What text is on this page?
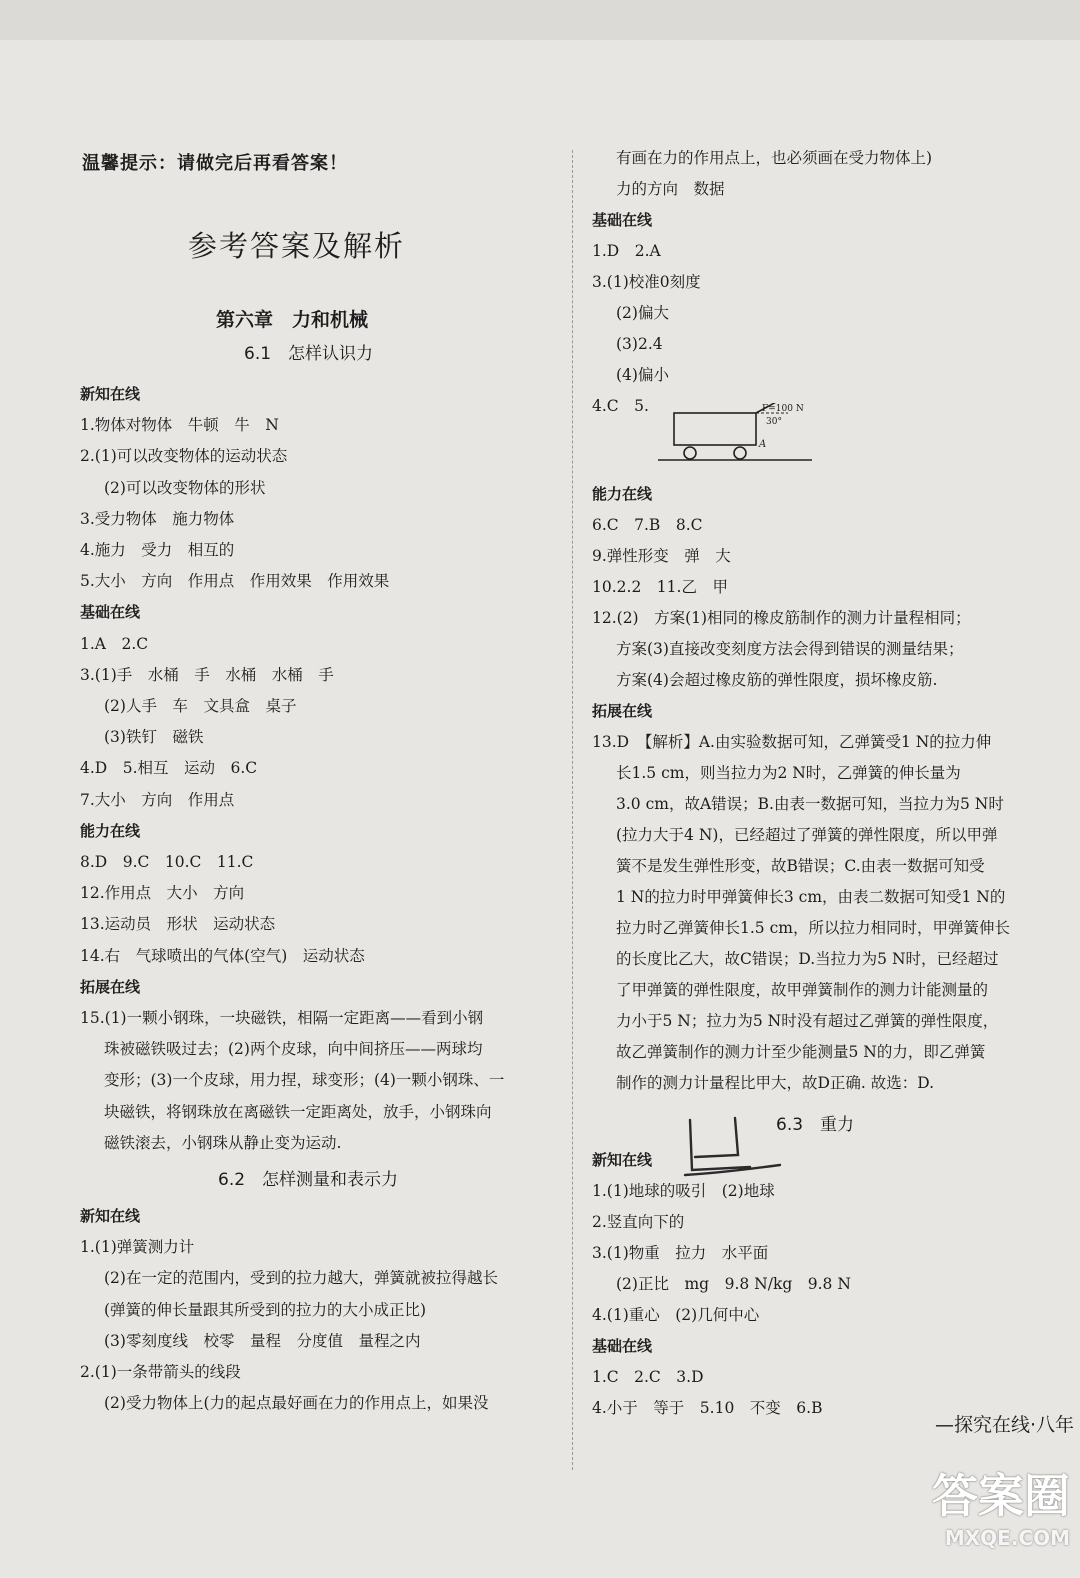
温馨提示：请做完后再看答案！
参考答案及解析
第六章　力和机械
6.1　怎样认识力
新知在线
1.物体对物体　牛顿　牛　N
2.(1)可以改变物体的运动状态
(2)可以改变物体的形状
3.受力物体　施力物体
4.施力　受力　相互的
5.大小　方向　作用点　作用效果　作用效果
基础在线
1.A　2.C
3.(1)手　水桶　手　水桶　水桶　手
(2)人手　车　文具盒　桌子
(3)铁钉　磁铁
4.D　5.相互　运动　6.C
7.大小　方向　作用点
能力在线
8.D　9.C　10.C　11.C
12.作用点　大小　方向
13.运动员　形状　运动状态
14.右　气球喷出的气体(空气)　运动状态
拓展在线
15.(1)一颗小钢珠，一块磁铁，相隔一定距离——看到小钢
珠被磁铁吸过去；(2)两个皮球，向中间挤压——两球均
变形；(3)一个皮球，用力捏，球变形；(4)一颗小钢珠、一
块磁铁，将钢珠放在离磁铁一定距离处，放手，小钢珠向
磁铁滚去，小钢珠从静止变为运动.
6.2　怎样测量和表示力
新知在线
1.(1)弹簧测力计
(2)在一定的范围内，受到的拉力越大，弹簧就被拉得越长
(弹簧的伸长量跟其所受到的拉力的大小成正比)
(3)零刻度线　校零　量程　分度值　量程之内
2.(1)一条带箭头的线段
(2)受力物体上(力的起点最好画在力的作用点上，如果没
有画在力的作用点上，也必须画在受力物体上)
力的方向　数据
基础在线
1.D　2.A
3.(1)校准0刻度
(2)偏大
(3)2.4
(4)偏小
4.C　5.
能力在线
6.C　7.B　8.C
9.弹性形变　弹　大
10.2.2　11.乙　甲
12.(2)　方案(1)相同的橡皮筋制作的测力计量程相同；
方案(3)直接改变刻度方法会得到错误的测量结果；
方案(4)会超过橡皮筋的弹性限度，损坏橡皮筋.
拓展在线
13.D　【解析】A.由实验数据可知，乙弹簧受1 N的拉力伸
长1.5 cm，则当拉力为2 N时，乙弹簧的伸长量为
3.0 cm，故A错误；B.由表一数据可知，当拉力为5 N时
(拉力大于4 N)，已经超过了弹簧的弹性限度，所以甲弹
簧不是发生弹性形变，故B错误；C.由表一数据可知受
1 N的拉力时甲弹簧伸长3 cm，由表二数据可知受1 N的
拉力时乙弹簧伸长1.5 cm，所以拉力相同时，甲弹簧伸长
的长度比乙大，故C错误；D.当拉力为5 N时，已经超过
了甲弹簧的弹性限度，故甲弹簧制作的测力计能测量的
力小于5 N；拉力为5 N时没有超过乙弹簧的弹性限度，
故乙弹簧制作的测力计至少能测量5 N的力，即乙弹簧
制作的测力计量程比甲大，故D正确. 故选：D.
6.3　重力
新知在线
1.(1)地球的吸引　(2)地球
2.竖直向下的
3.(1)物重　拉力　水平面
(2)正比　mg　9.8 N/kg　9.8 N
4.(1)重心　(2)几何中心
基础在线
1.C　2.C　3.D
4.小于　等于　5.10　不变　6.B
F=100 N
30°
A
—探究在线·八年
答案圈
MXQE.COM
